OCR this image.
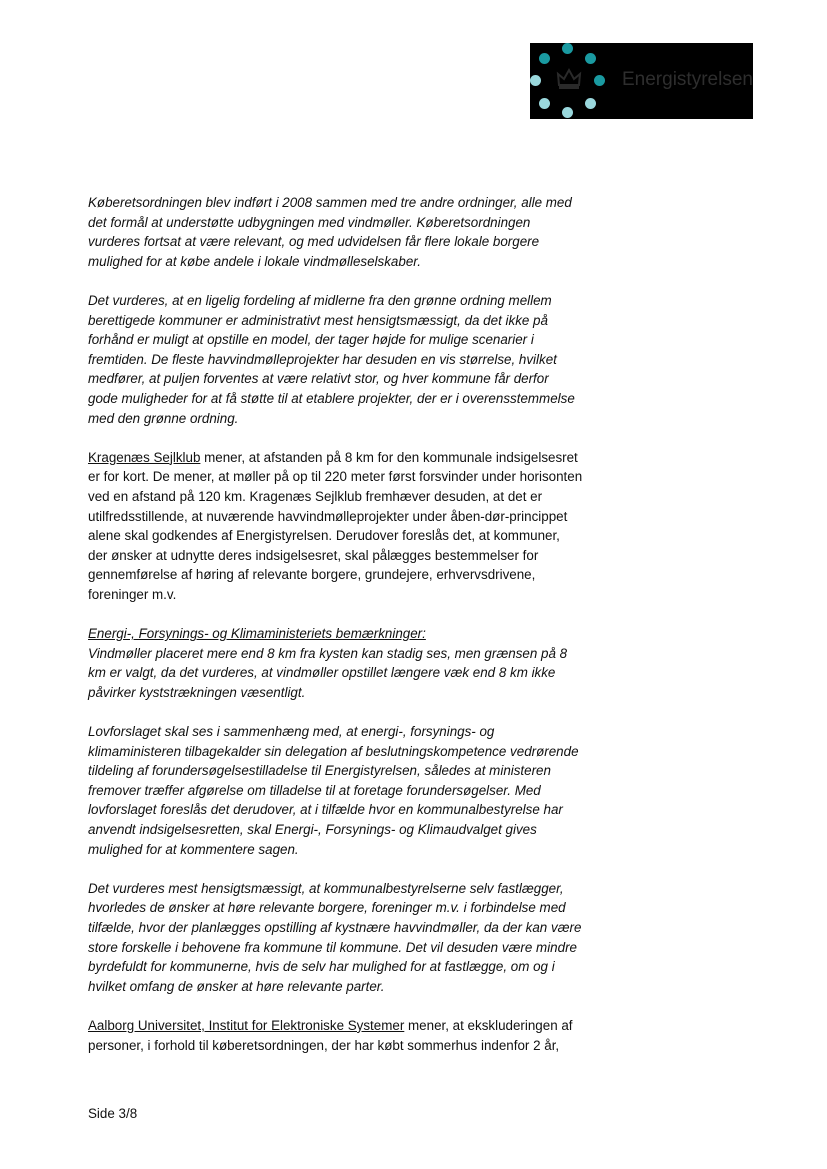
Energistyrelsen

Køberetsordningen blev indført i 2008 sammen med tre andre ordninger, alle med
det formål at understøtte udbygningen med vindmøller. Køberetsordningen
vurderes fortsat at være relevant, og med udvidelsen får flere lokale borgere
mulighed for at købe andele i lokale vindmølleselskaber.

Det vurderes, at en ligelig fordeling af midlerne fra den grønne ordning mellem
berettigede kommuner er administrativt mest hensigtsmæssigt, da det ikke på
forhånd er muligt at opstille en model, der tager højde for mulige scenarier i
fremtiden. De fleste havvindmølleprojekter har desuden en vis størrelse, hvilket
medfører, at puljen forventes at være relativt stor, og hver kommune får derfor
gode muligheder for at få støtte til at etablere projekter, der er i overensstemmelse
med den grønne ordning.

Kragenæs Sejlklub mener, at afstanden på 8 km for den kommunale indsigelsesret
er for kort. De mener, at møller på op til 220 meter først forsvinder under horisonten
ved en afstand på 120 km. Kragenæs Sejlklub fremhæver desuden, at det er
utilfredsstillende, at nuværende havvindmølleprojekter under åben-dør-princippet
alene skal godkendes af Energistyrelsen. Derudover foreslås det, at kommuner,
der ønsker at udnytte deres indsigelsesret, skal pålægges bestemmelser for
gennemførelse af høring af relevante borgere, grundejere, erhvervsdrivene,
foreninger m.v.

Energi-, Forsynings- og Klimaministeriets bemærkninger:
Vindmøller placeret mere end 8 km fra kysten kan stadig ses, men grænsen på 8
km er valgt, da det vurderes, at vindmøller opstillet længere væk end 8 km ikke
påvirker kyststrækningen væsentligt.

Lovforslaget skal ses i sammenhæng med, at energi-, forsynings- og
klimaministeren tilbagekalder sin delegation af beslutningskompetence vedrørende
tildeling af forundersøgelsestilladelse til Energistyrelsen, således at ministeren
fremover træffer afgørelse om tilladelse til at foretage forundersøgelser. Med
lovforslaget foreslås det derudover, at i tilfælde hvor en kommunalbestyrelse har
anvendt indsigelsesretten, skal Energi-, Forsynings- og Klimaudvalget gives
mulighed for at kommentere sagen.

Det vurderes mest hensigtsmæssigt, at kommunalbestyrelserne selv fastlægger,
hvorledes de ønsker at høre relevante borgere, foreninger m.v. i forbindelse med
tilfælde, hvor der planlægges opstilling af kystnære havvindmøller, da der kan være
store forskelle i behovene fra kommune til kommune. Det vil desuden være mindre
byrdefuldt for kommunerne, hvis de selv har mulighed for at fastlægge, om og i
hvilket omfang de ønsker at høre relevante parter.

Aalborg Universitet, Institut for Elektroniske Systemer mener, at ekskluderingen af
personer, i forhold til køberetsordningen, der har købt sommerhus indenfor 2 år,

Side 3/8
